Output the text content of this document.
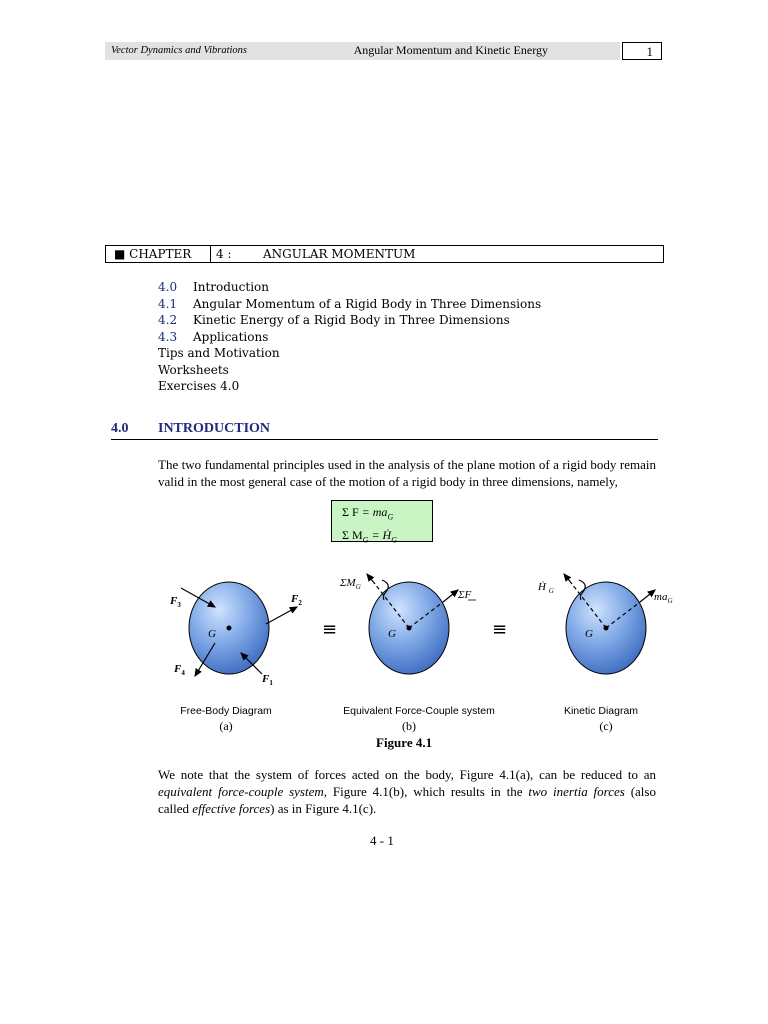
Vector Dynamics and Vibrations	Angular Momentum and Kinetic Energy	1
■ CHAPTER 4 :	ANGULAR MOMENTUM
4.0 Introduction
4.1 Angular Momentum of a Rigid Body in Three Dimensions
4.2 Kinetic Energy of a Rigid Body in Three Dimensions
4.3 Applications
Tips and Motivation
Worksheets
Exercises 4.0
4.0 INTRODUCTION
The two fundamental principles used in the analysis of the plane motion of a rigid body remain valid in the most general case of the motion of a rigid body in three dimensions, namely,
Σ $F = ma_G$
Σ $M_G$ = Ḣ$_G$
$F_3$	$F_2$
$F_4$	$F_1$
G	≡
$\Sigma M_G$
ΣF
G	≡
Ḣ $_G$	$ma_G$
G
Free-Body Diagram
(a)
Equivalent Force-Couple system
(b)
Kinetic Diagram
(c)
Figure 4.1
We note that the system of forces acted on the body, Figure 4.1(a), can be reduced to an equivalent force-couple system, Figure 4.1(b), which results in the two inertia forces (also called effective forces) as in Figure 4.1(c).
4 - 1
